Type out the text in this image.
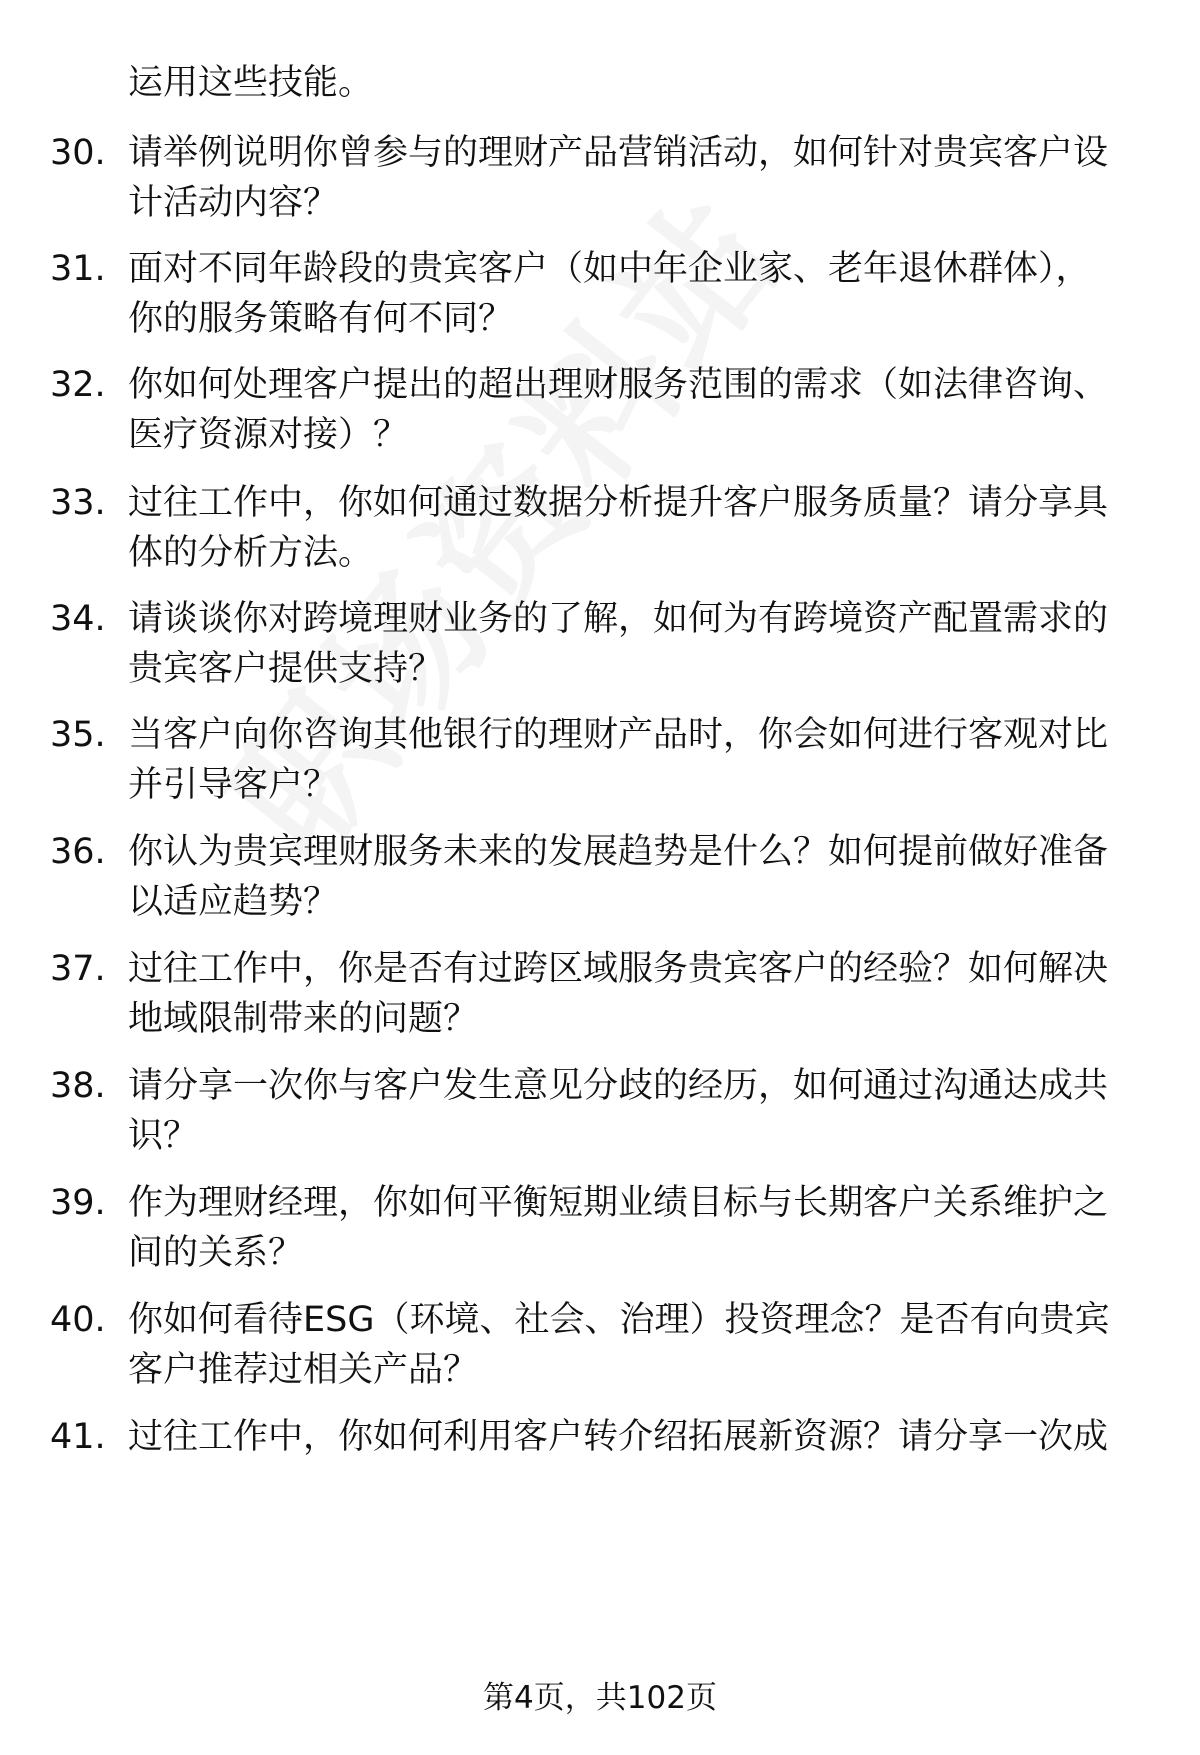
运用这些技能。
30. 请举例说明你曾参与的理财产品营销活动，如何针对贵宾客户设
计活动内容？
31. 面对不同年龄段的贵宾客户（如中年企业家、老年退休群体），
你的服务策略有何不同？
32. 你如何处理客户提出的超出理财服务范围的需求（如法律咨询、
医疗资源对接）？
33. 过往工作中，你如何通过数据分析提升客户服务质量？请分享具
体的分析方法。
34. 请谈谈你对跨境理财业务的了解，如何为有跨境资产配置需求的
贵宾客户提供支持？
35. 当客户向你咨询其他银行的理财产品时，你会如何进行客观对比
并引导客户？
36. 你认为贵宾理财服务未来的发展趋势是什么？如何提前做好准备
以适应趋势？
37. 过往工作中，你是否有过跨区域服务贵宾客户的经验？如何解决
地域限制带来的问题？
38. 请分享一次你与客户发生意见分歧的经历，如何通过沟通达成共
识？
39. 作为理财经理，你如何平衡短期业绩目标与长期客户关系维护之
间的关系？
40. 你如何看待ESG（环境、社会、治理）投资理念？是否有向贵宾
客户推荐过相关产品？
41. 过往工作中，你如何利用客户转介绍拓展新资源？请分享一次成
第4页，共102页
